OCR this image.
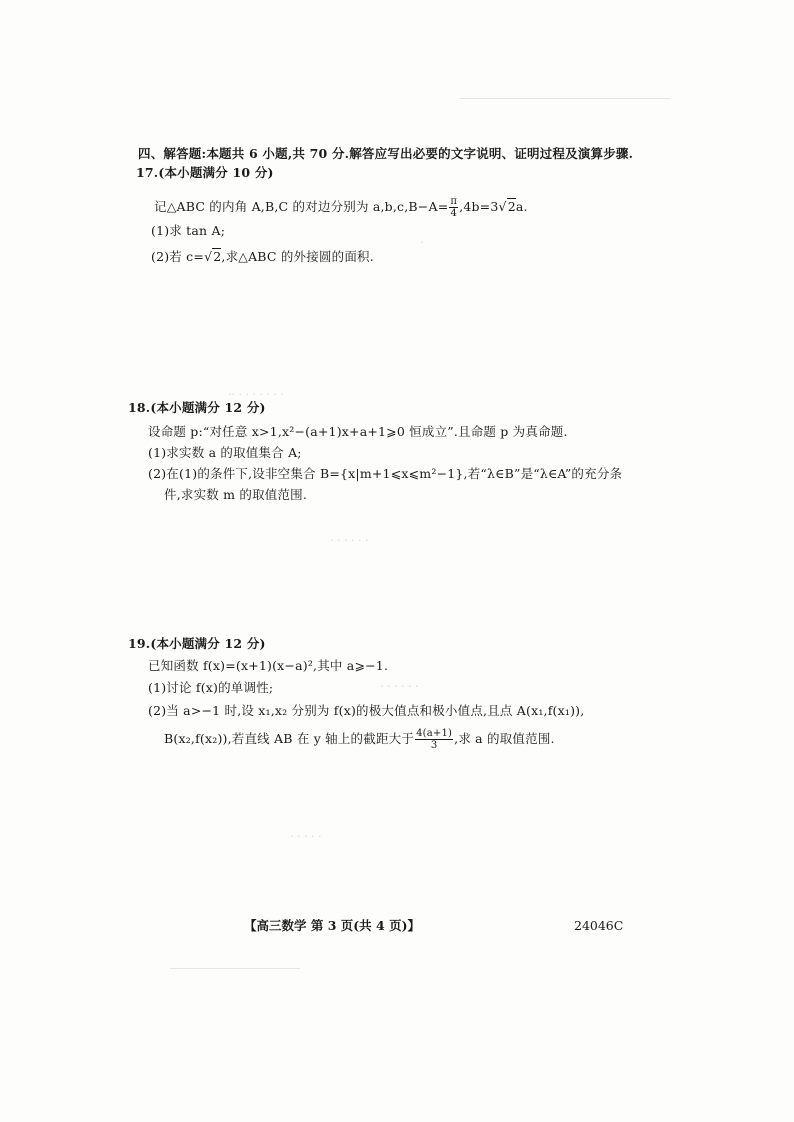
四、解答题:本题共 6 小题,共 70 分.解答应写出必要的文字说明、证明过程及演算步骤.
17.(本小题满分 10 分)
记△ABC 的内角 A,B,C 的对边分别为 $a,b,c,B-A= \frac{\pi}{4} ,4b=3√2a$.
(1)求 tan A;
(2)若 c=√2,求△ABC 的外接圆的面积.
·
·· · · · · · · ·
· · · · · ·
· · · · · ·
· · · · ·
18.(本小题满分 12 分)
设命题 p:“对任意 x>1,x²−(a+1)x+a+1⩾0 恒成立”.且命题 p 为真命题.
(1)求实数 a 的取值集合 A;
(2)在(1)的条件下,设非空集合 B={x|m+1⩽x⩽m²−1},若“λ∈B”是“λ∈A”的充分条
件,求实数 m 的取值范围.
19.(本小题满分 12 分)
已知函数 f(x)=(x+1)(x−a)²,其中 a⩾−1.
(1)讨论 f(x)的单调性;
(2)当 a>−1 时,设 x₁,x₂ 分别为 f(x)的极大值点和极小值点,且点 A(x₁,f(x₁)),
B(x₂,f(x₂)),若直线 AB 在 y 轴上的截距大于 $\frac{4(a+1)}{3}$ ,求 a 的取值范围.
【高三数学 第 3 页(共 4 页)】	24046C
